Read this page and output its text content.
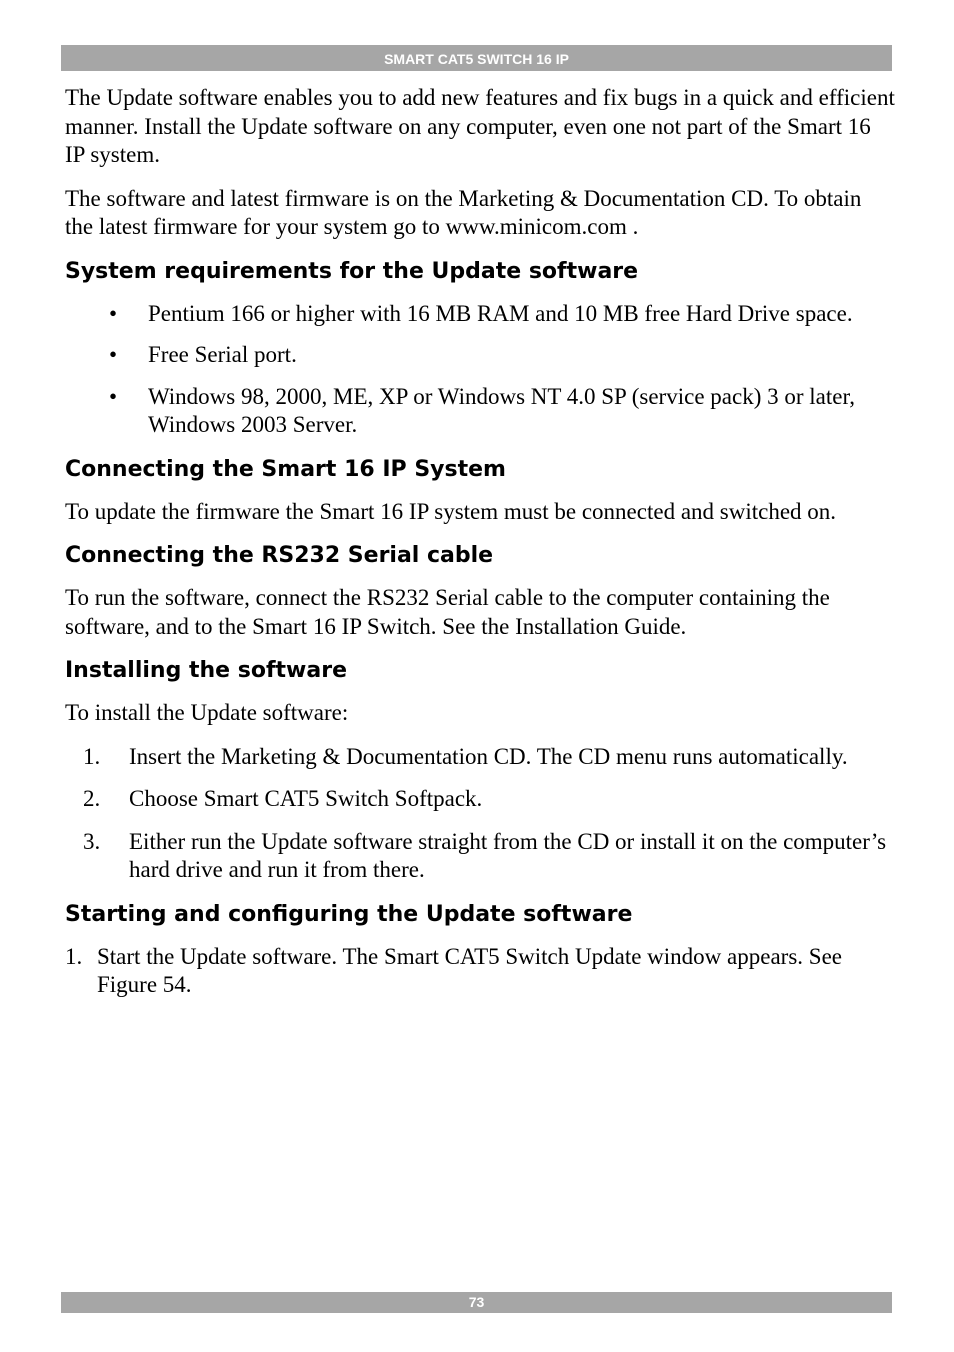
SMART CAT5 SWITCH 16 IP

The Update software enables you to add new features and fix bugs in a quick and efficient manner. Install the Update software on any computer, even one not part of the Smart 16 IP system.

The software and latest firmware is on the Marketing & Documentation CD. To obtain the latest firmware for your system go to www.minicom.com .

System requirements for the Update software
• Pentium 166 or higher with 16 MB RAM and 10 MB free Hard Drive space.
• Free Serial port.
• Windows 98, 2000, ME, XP or Windows NT 4.0 SP (service pack) 3 or later, Windows 2003 Server.
Connecting the Smart 16 IP System

To update the firmware the Smart 16 IP system must be connected and switched on.

Connecting the RS232 Serial cable

To run the software, connect the RS232 Serial cable to the computer containing the software, and to the Smart 16 IP Switch. See the Installation Guide.

Installing the software

To install the Update software:

1. Insert the Marketing & Documentation CD. The CD menu runs automatically.
2. Choose Smart CAT5 Switch Softpack.
3. Either run the Update software straight from the CD or install it on the computer’s hard drive and run it from there.
Starting and configuring the Update software
1. Start the Update software. The Smart CAT5 Switch Update window appears. See Figure 54.
73
